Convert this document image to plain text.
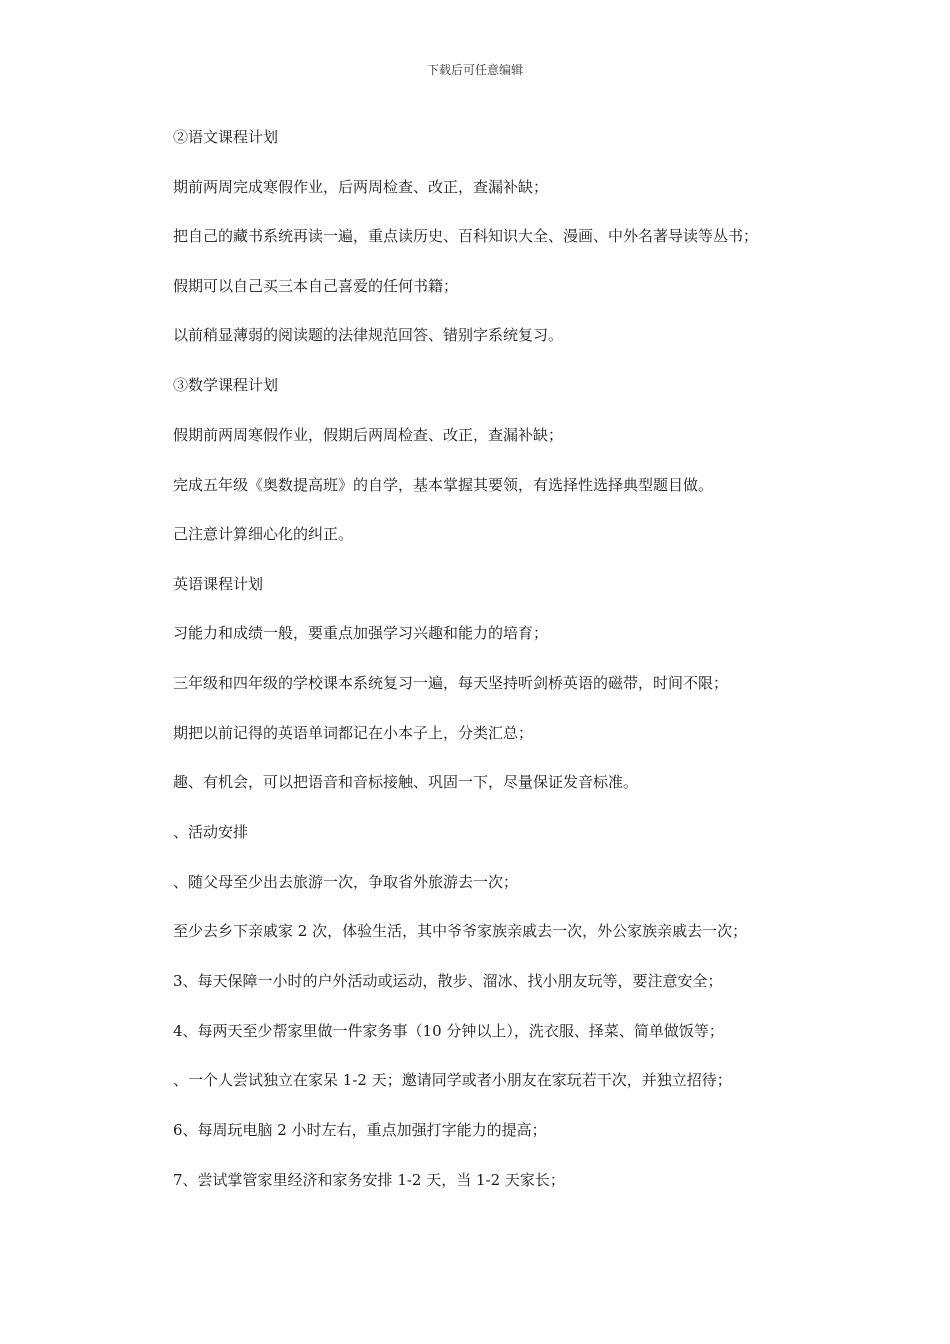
下载后可任意编辑
②语文课程计划
期前两周完成寒假作业，后两周检查、改正，查漏补缺；
把自己的藏书系统再读一遍，重点读历史、百科知识大全、漫画、中外名著导读等丛书；
假期可以自己买三本自己喜爱的任何书籍；
以前稍显薄弱的阅读题的法律规范回答、错别字系统复习。
③数学课程计划
假期前两周寒假作业，假期后两周检查、改正，查漏补缺；
完成五年级《奥数提高班》的自学，基本掌握其要领，有选择性选择典型题目做。
己注意计算细心化的纠正。
英语课程计划
习能力和成绩一般，要重点加强学习兴趣和能力的培育；
三年级和四年级的学校课本系统复习一遍，每天坚持听剑桥英语的磁带，时间不限；
期把以前记得的英语单词都记在小本子上，分类汇总；
趣、有机会，可以把语音和音标接触、巩固一下，尽量保证发音标准。
、活动安排
、随父母至少出去旅游一次，争取省外旅游去一次；
至少去乡下亲戚家 2 次，体验生活，其中爷爷家族亲戚去一次，外公家族亲戚去一次；
3、每天保障一小时的户外活动或运动，散步、溜冰、找小朋友玩等，要注意安全；
4、每两天至少帮家里做一件家务事（10 分钟以上），洗衣服、择菜、简单做饭等；
、一个人尝试独立在家呆 1-2 天；邀请同学或者小朋友在家玩若干次，并独立招待；
6、每周玩电脑 2 小时左右，重点加强打字能力的提高；
7、尝试掌管家里经济和家务安排 1-2 天，当 1-2 天家长；
